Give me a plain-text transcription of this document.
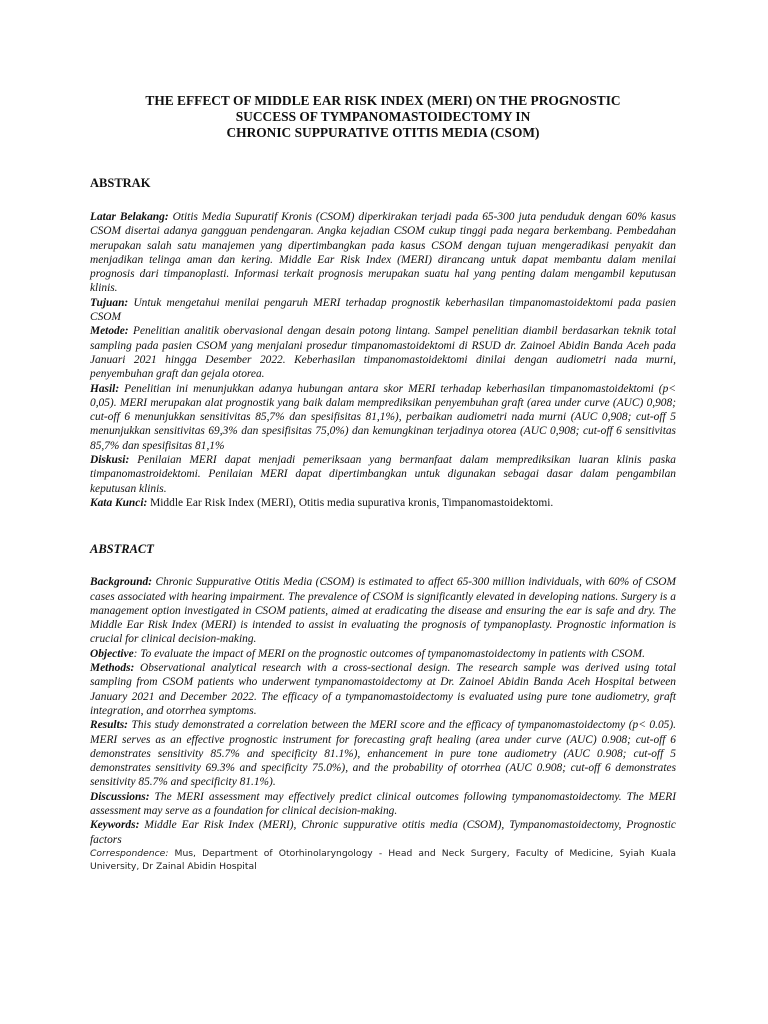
THE EFFECT OF MIDDLE EAR RISK INDEX (MERI) ON THE PROGNOSTIC
SUCCESS OF TYMPANOMASTOIDECTOMY IN
CHRONIC SUPPURATIVE OTITIS MEDIA (CSOM)
ABSTRAK

Latar Belakang: Otitis Media Supuratif Kronis (CSOM) diperkirakan terjadi pada 65-300 juta penduduk dengan 60% kasus CSOM disertai adanya gangguan pendengaran. Angka kejadian CSOM cukup tinggi pada negara berkembang. Pembedahan merupakan salah satu manajemen yang dipertimbangkan pada kasus CSOM dengan tujuan mengeradikasi penyakit dan menjadikan telinga aman dan kering. Middle Ear Risk Index (MERI) dirancang untuk dapat membantu dalam menilai prognosis dari timpanoplasti. Informasi terkait prognosis merupakan suatu hal yang penting dalam mengambil keputusan klinis.

Tujuan: Untuk mengetahui menilai pengaruh MERI terhadap prognostik keberhasilan timpanomastoidektomi pada pasien CSOM

Metode: Penelitian analitik obervasional dengan desain potong lintang. Sampel penelitian diambil berdasarkan teknik total sampling pada pasien CSOM yang menjalani prosedur timpanomastoidektomi di RSUD dr. Zainoel Abidin Banda Aceh pada Januari 2021 hingga Desember 2022. Keberhasilan timpanomastoidektomi dinilai dengan audiometri nada murni, penyembuhan graft dan gejala otorea.

Hasil: Penelitian ini menunjukkan adanya hubungan antara skor MERI terhadap keberhasilan timpanomastoidektomi (p< 0,05). MERI merupakan alat prognostik yang baik dalam memprediksikan penyembuhan graft (area under curve (AUC) 0,908; cut-off 6 menunjukkan sensitivitas 85,7% dan spesifisitas 81,1%), perbaikan audiometri nada murni (AUC 0,908; cut-off 5 menunjukkan sensitivitas 69,3% dan spesifisitas 75,0%) dan kemungkinan terjadinya otorea (AUC 0,908; cut-off 6 sensitivitas 85,7% dan spesifisitas 81,1%

Diskusi: Penilaian MERI dapat menjadi pemeriksaan yang bermanfaat dalam memprediksikan luaran klinis paska timpanomastroidektomi. Penilaian MERI dapat dipertimbangkan untuk digunakan sebagai dasar dalam pengambilan keputusan klinis.

Kata Kunci: Middle Ear Risk Index (MERI), Otitis media supurativa kronis, Timpanomastoidektomi.

ABSTRACT

Background: Chronic Suppurative Otitis Media (CSOM) is estimated to affect 65-300 million individuals, with 60% of CSOM cases associated with hearing impairment. The prevalence of CSOM is significantly elevated in developing nations. Surgery is a management option investigated in CSOM patients, aimed at eradicating the disease and ensuring the ear is safe and dry. The Middle Ear Risk Index (MERI) is intended to assist in evaluating the prognosis of tympanoplasty. Prognostic information is crucial for clinical decision-making.

Objective: To evaluate the impact of MERI on the prognostic outcomes of tympanomastoidectomy in patients with CSOM.

Methods: Observational analytical research with a cross-sectional design. The research sample was derived using total sampling from CSOM patients who underwent tympanomastoidectomy at Dr. Zainoel Abidin Banda Aceh Hospital between January 2021 and December 2022. The efficacy of a tympanomastoidectomy is evaluated using pure tone audiometry, graft integration, and otorrhea symptoms.

Results: This study demonstrated a correlation between the MERI score and the efficacy of tympanomastoidectomy (p< 0.05). MERI serves as an effective prognostic instrument for forecasting graft healing (area under curve (AUC) 0.908; cut-off 6 demonstrates sensitivity 85.7% and specificity 81.1%), enhancement in pure tone audiometry (AUC 0.908; cut-off 5 demonstrates sensitivity 69.3% and specificity 75.0%), and the probability of otorrhea (AUC 0.908; cut-off 6 demonstrates sensitivity 85.7% and specificity 81.1%).

Discussions: The MERI assessment may effectively predict clinical outcomes following tympanomastoidectomy. The MERI assessment may serve as a foundation for clinical decision-making.

Keywords: Middle Ear Risk Index (MERI), Chronic suppurative otitis media (CSOM), Tympanomastoidectomy, Prognostic factors

Correspondence: Mus, Department of Otorhinolaryngology - Head and Neck Surgery, Faculty of Medicine, Syiah Kuala University, Dr Zainal Abidin Hospital
